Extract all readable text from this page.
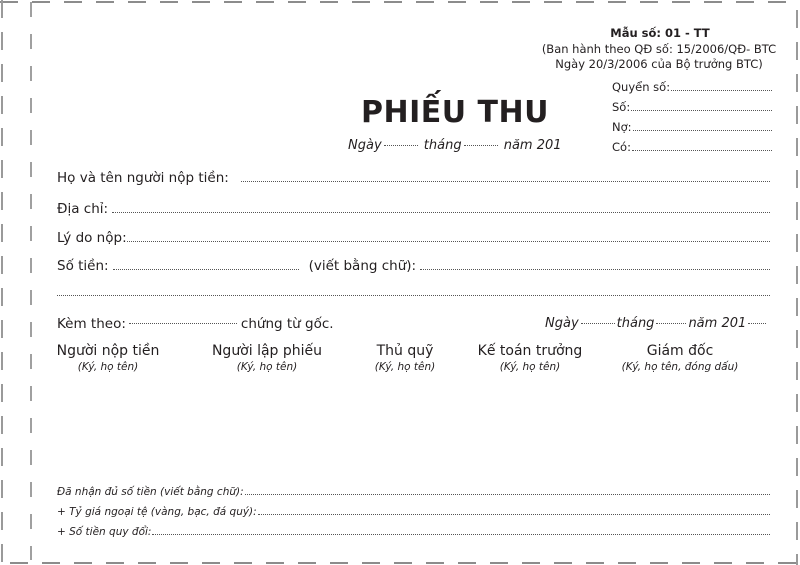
Mẫu số: 01 - TT
(Ban hành theo QĐ số: 15/2006/QĐ- BTC
Ngày 20/3/2006 của Bộ trưởng BTC)
Quyển số:
Số:
Nợ:
Có:
PHIẾU THU
Ngày	tháng	năm 201
Họ và tên người nộp tiền:
Địa chỉ:
Lý do nộp:
Số tiền:	(viết bằng chữ):
Kèm theo:	chứng từ gốc.	Ngày	tháng	năm 201
Người nộp tiền
(Ký, họ tên)
Người lập phiếu
(Ký, họ tên)
Thủ quỹ
(Ký, họ tên)
Kế toán trưởng
(Ký, họ tên)
Giám đốc
(Ký, họ tên, đóng dấu)
Đã nhận đủ số tiền (viết bằng chữ):
+ Tỷ giá ngoại tệ (vàng, bạc, đá quý):
+ Số tiền quy đổi:
